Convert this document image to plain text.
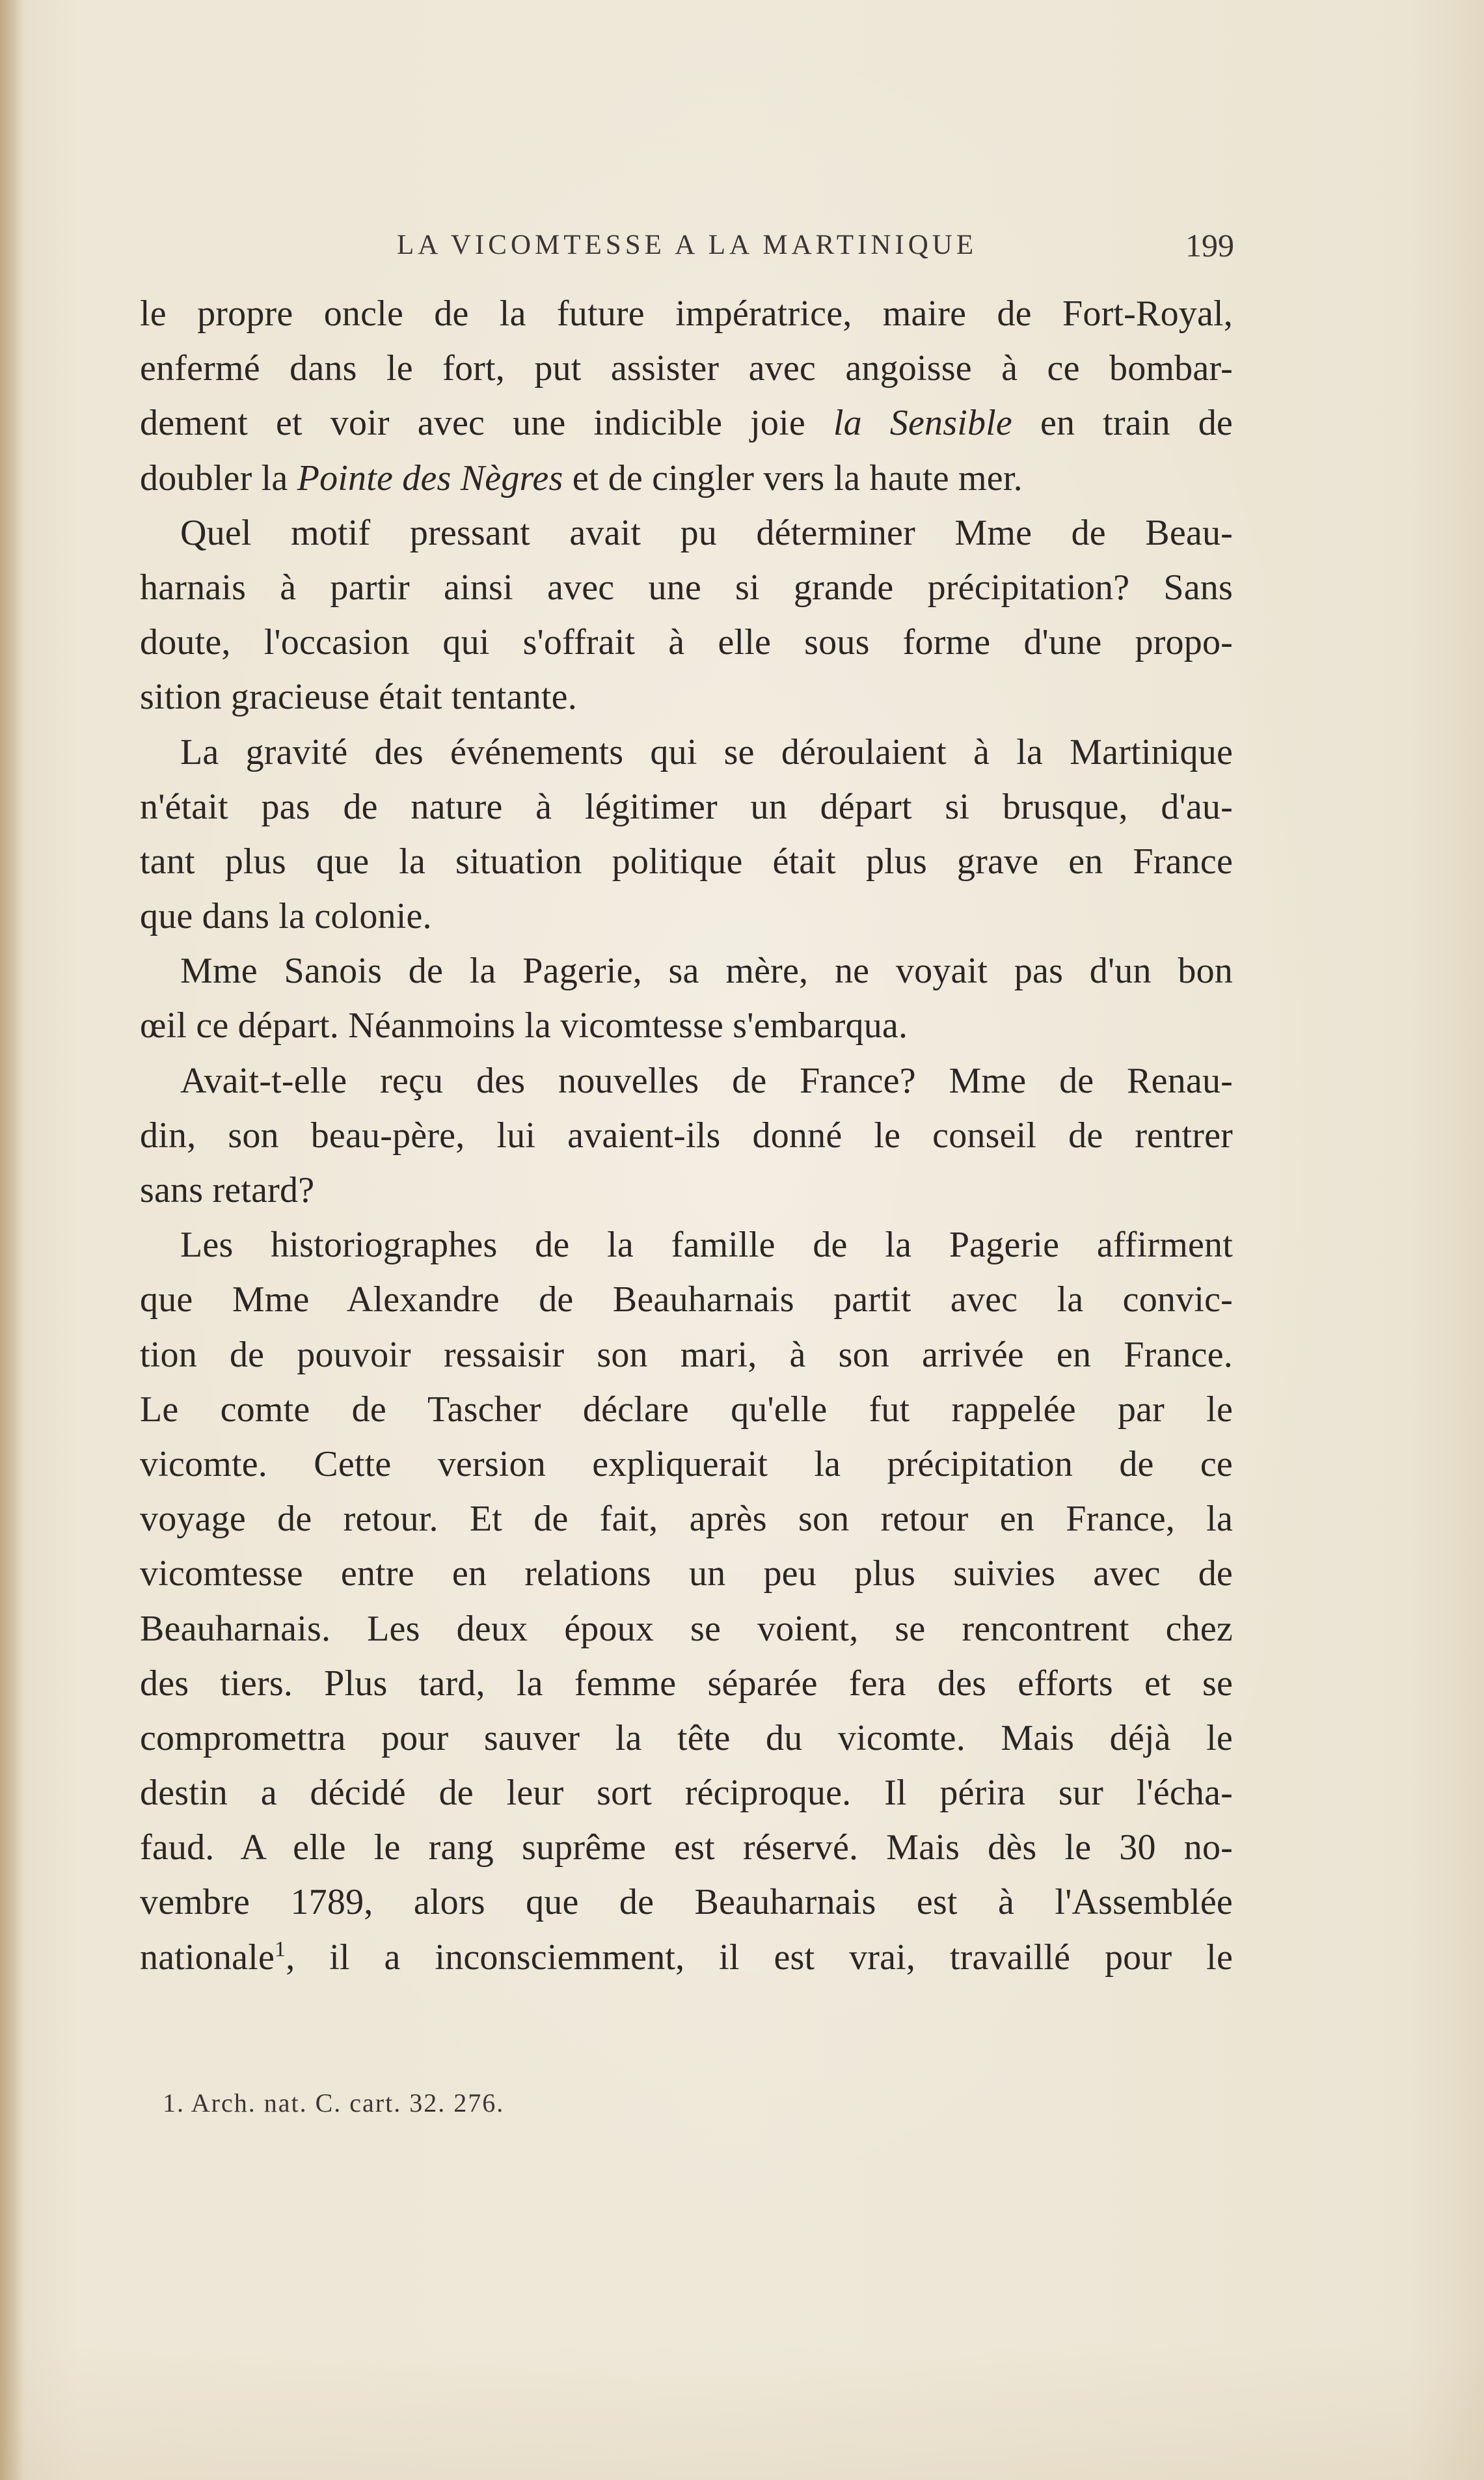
LA VICOMTESSE A LA MARTINIQUE	199
le propre oncle de la future impératrice, maire de Fort-Royal,
enfermé dans le fort, put assister avec angoisse à ce bombar-
dement et voir avec une indicible joie la Sensible en train de
doubler la Pointe des Nègres et de cingler vers la haute mer.
Quel motif pressant avait pu déterminer Mme de Beau-
harnais à partir ainsi avec une si grande précipitation? Sans
doute, l'occasion qui s'offrait à elle sous forme d'une propo-
sition gracieuse était tentante.
La gravité des événements qui se déroulaient à la Martinique
n'était pas de nature à légitimer un départ si brusque, d'au-
tant plus que la situation politique était plus grave en France
que dans la colonie.
Mme Sanois de la Pagerie, sa mère, ne voyait pas d'un bon
œil ce départ. Néanmoins la vicomtesse s'embarqua.
Avait-t-elle reçu des nouvelles de France? Mme de Renau-
din, son beau-père, lui avaient-ils donné le conseil de rentrer
sans retard?
Les historiographes de la famille de la Pagerie affirment
que Mme Alexandre de Beauharnais partit avec la convic-
tion de pouvoir ressaisir son mari, à son arrivée en France.
Le comte de Tascher déclare qu'elle fut rappelée par le
vicomte. Cette version expliquerait la précipitation de ce
voyage de retour. Et de fait, après son retour en France, la
vicomtesse entre en relations un peu plus suivies avec de
Beauharnais. Les deux époux se voient, se rencontrent chez
des tiers. Plus tard, la femme séparée fera des efforts et se
compromettra pour sauver la tête du vicomte. Mais déjà le
destin a décidé de leur sort réciproque. Il périra sur l'écha-
faud. A elle le rang suprême est réservé. Mais dès le 30 no-
vembre 1789, alors que de Beauharnais est à l'Assemblée
nationale$^1$, il a inconsciemment, il est vrai, travaillé pour le
1. Arch. nat. C. cart. 32. 276.
